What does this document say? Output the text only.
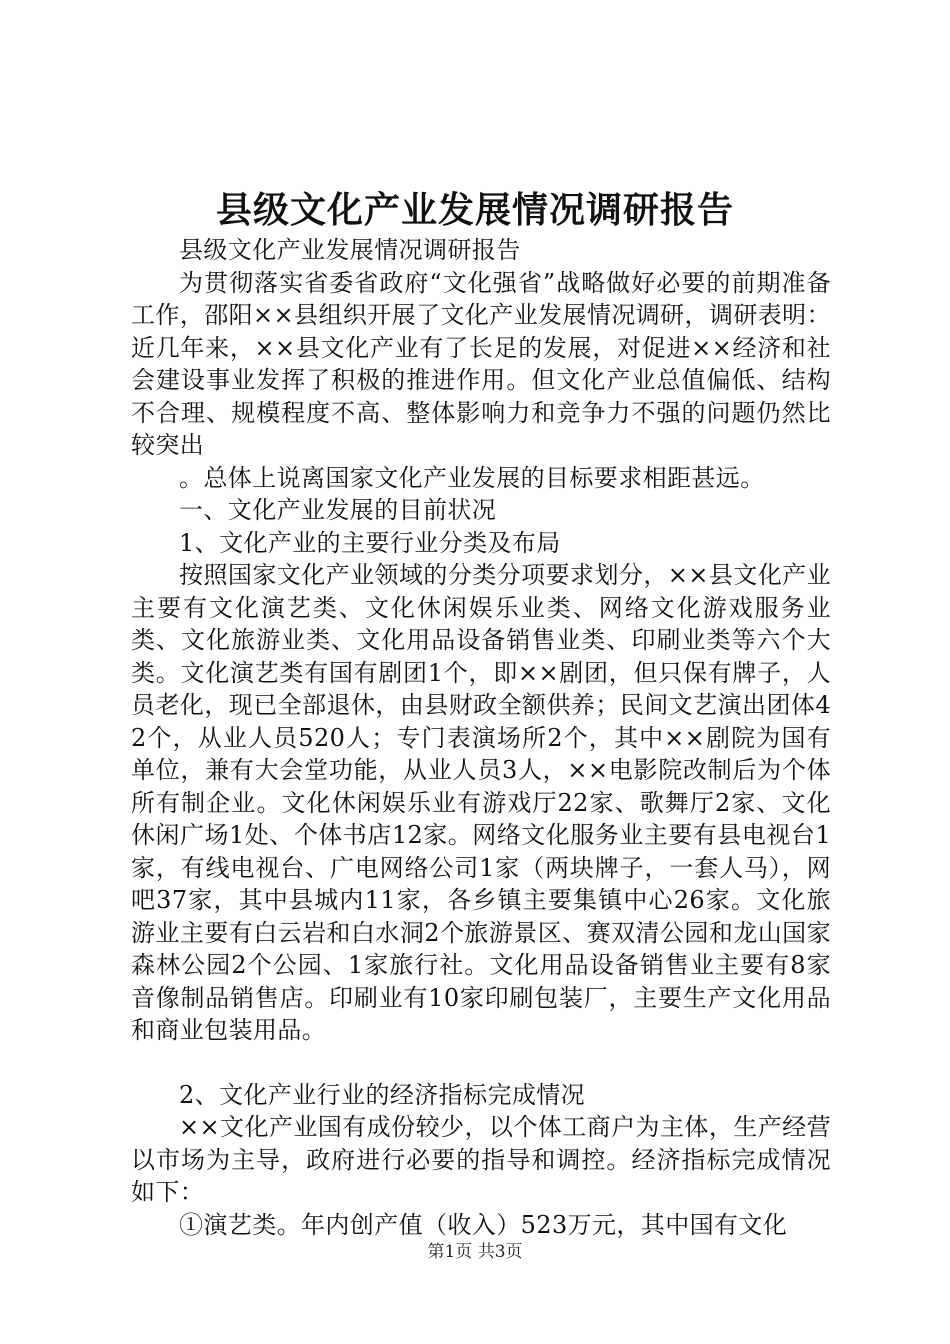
县级文化产业发展情况调研报告

县级文化产业发展情况调研报告

为贯彻落实省委省政府“文化强省”战略做好必要的前期准备工作，邵阳××县组织开展了文化产业发展情况调研，调研表明：近几年来，××县文化产业有了长足的发展，对促进××经济和社会建设事业发挥了积极的推进作用。但文化产业总值偏低、结构不合理、规模程度不高、整体影响力和竞争力不强的问题仍然比较突出

。总体上说离国家文化产业发展的目标要求相距甚远。

一、文化产业发展的目前状况

1、文化产业的主要行业分类及布局

按照国家文化产业领域的分类分项要求划分，××县文化产业主要有文化演艺类、文化休闲娱乐业类、网络文化游戏服务业类、文化旅游业类、文化用品设备销售业类、印刷业类等六个大类。文化演艺类有国有剧团1个，即××剧团，但只保有牌子，人员老化，现已全部退休，由县财政全额供养；民间文艺演出团体42个，从业人员520人；专门表演场所2个，其中××剧院为国有单位，兼有大会堂功能，从业人员3人，××电影院改制后为个体所有制企业。文化休闲娱乐业有游戏厅22家、歌舞厅2家、文化休闲广场1处、个体书店12家。网络文化服务业主要有县电视台1家，有线电视台、广电网络公司1家（两块牌子，一套人马），网吧37家，其中县城内11家，各乡镇主要集镇中心26家。文化旅游业主要有白云岩和白水洞2个旅游景区、赛双清公园和龙山国家森林公园2个公园、1家旅行社。文化用品设备销售业主要有8家音像制品销售店。印刷业有10家印刷包装厂，主要生产文化用品和商业包装用品。

2、文化产业行业的经济指标完成情况

××文化产业国有成份较少，以个体工商户为主体，生产经营以市场为主导，政府进行必要的指导和调控。经济指标完成情况如下：

①演艺类。年内创产值（收入）523万元，其中国有文化

第1页 共3页
